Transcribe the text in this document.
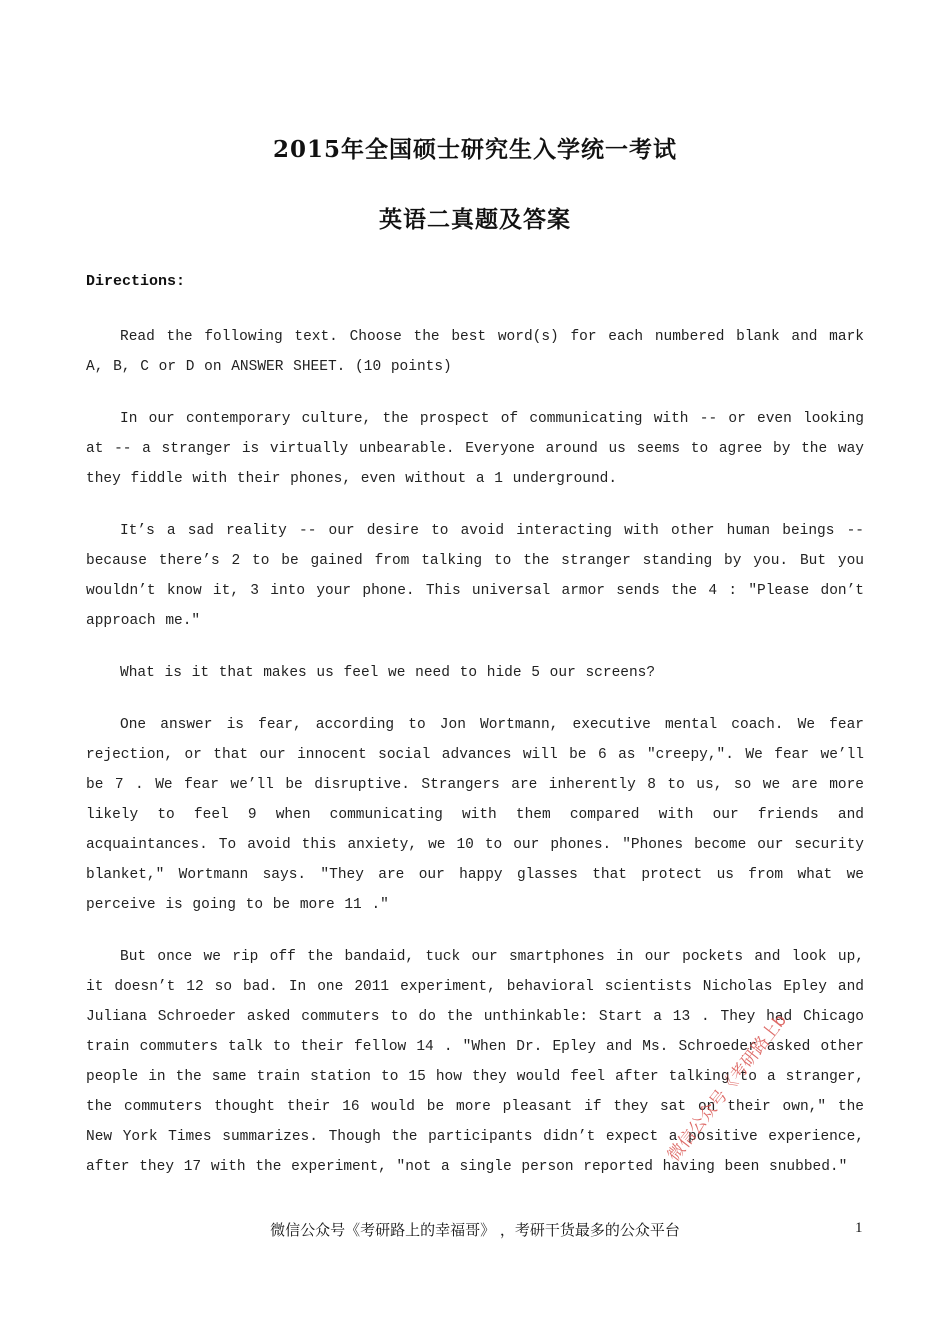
2015年全国硕士研究生入学统一考试
英语二真题及答案
Directions:

Read the following text. Choose the best word(s) for each numbered blank and mark A, B, C or D on ANSWER SHEET. (10 points)

In our contemporary culture, the prospect of communicating with -- or even looking at -- a stranger is virtually unbearable. Everyone around us seems to agree by the way they fiddle with their phones, even without a 1 underground.

It’s a sad reality -- our desire to avoid interacting with other human beings -- because there’s 2 to be gained from talking to the stranger standing by you. But you wouldn’t know it, 3 into your phone. This universal armor sends the 4 : "Please don’t approach me."

What is it that makes us feel we need to hide 5 our screens?

One answer is fear, according to Jon Wortmann, executive mental coach. We fear rejection, or that our innocent social advances will be 6 as "creepy,". We fear we’ll be 7 . We fear we’ll be disruptive. Strangers are inherently 8 to us, so we are more likely to feel 9 when communicating with them compared with our friends and acquaintances. To avoid this anxiety, we 10 to our phones. "Phones become our security blanket," Wortmann says. "They are our happy glasses that protect us from what we perceive is going to be more 11 ."

But once we rip off the bandaid, tuck our smartphones in our pockets and look up, it doesn’t 12 so bad. In one 2011 experiment, behavioral scientists Nicholas Epley and Juliana Schroeder asked commuters to do the unthinkable: Start a 13 . They had Chicago train commuters talk to their fellow 14 . "When Dr. Epley and Ms. Schroeder asked other people in the same train station to 15 how they would feel after talking to a stranger, the commuters thought their 16 would be more pleasant if they sat on their own," the New York Times summarizes. Though the participants didn’t expect a positive experience, after they 17 with the experiment, "not a single person reported having been snubbed."

微信公众号《考研路上b
微信公众号《考研路上的幸福哥》 ，考研干货最多的公众平台	1
